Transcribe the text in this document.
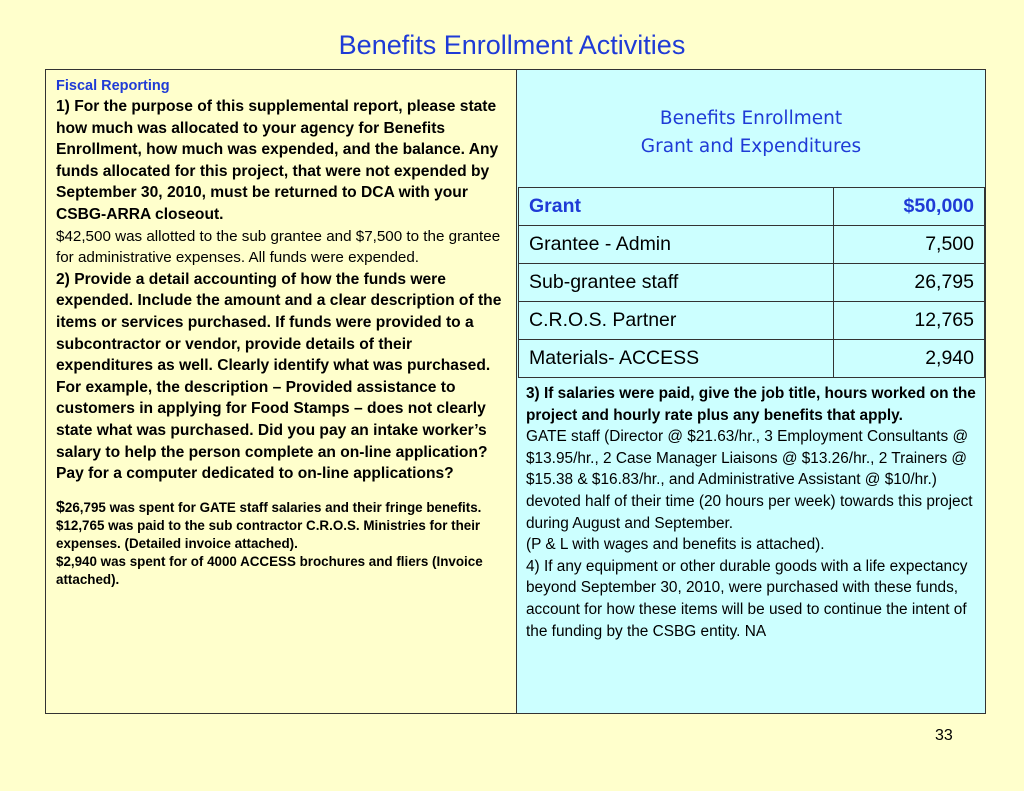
Benefits Enrollment Activities
Fiscal Reporting
1) For the purpose of this supplemental report, please state how much was allocated to your agency for Benefits Enrollment, how much was expended, and the balance. Any funds allocated for this project, that were not expended by September 30, 2010, must be returned to DCA with your CSBG-ARRA closeout.
$42,500 was allotted to the sub grantee and $7,500 to the grantee for administrative expenses. All funds were expended.
2) Provide a detail accounting of how the funds were expended. Include the amount and a clear description of the items or services purchased. If funds were provided to a subcontractor or vendor, provide details of their expenditures as well. Clearly identify what was purchased. For example, the description – Provided assistance to customers in applying for Food Stamps – does not clearly state what was purchased. Did you pay an intake worker’s salary to help the person complete an on-line application? Pay for a computer dedicated to on-line applications?
$26,795 was spent for GATE staff salaries and their fringe benefits.
$12,765 was paid to the sub contractor C.R.O.S. Ministries for their expenses. (Detailed invoice attached).
$2,940 was spent for of 4000 ACCESS brochures and fliers (Invoice attached).
Benefits Enrollment
Grant and Expenditures
Grant	$50,000
Grantee - Admin	7,500
Sub-grantee staff	26,795
C.R.O.S. Partner	12,765
Materials- ACCESS	2,940
3) If salaries were paid, give the job title, hours worked on the project and hourly rate plus any benefits that apply.
GATE staff (Director @ $21.63/hr., 3 Employment Consultants @ $13.95/hr., 2 Case Manager Liaisons @ $13.26/hr., 2 Trainers @ $15.38 & $16.83/hr., and Administrative Assistant @ $10/hr.) devoted half of their time (20 hours per week) towards this project during August and September.
(P & L with wages and benefits is attached).
4) If any equipment or other durable goods with a life expectancy beyond September 30, 2010, were purchased with these funds, account for how these items will be used to continue the intent of the funding by the CSBG entity. NA
33
